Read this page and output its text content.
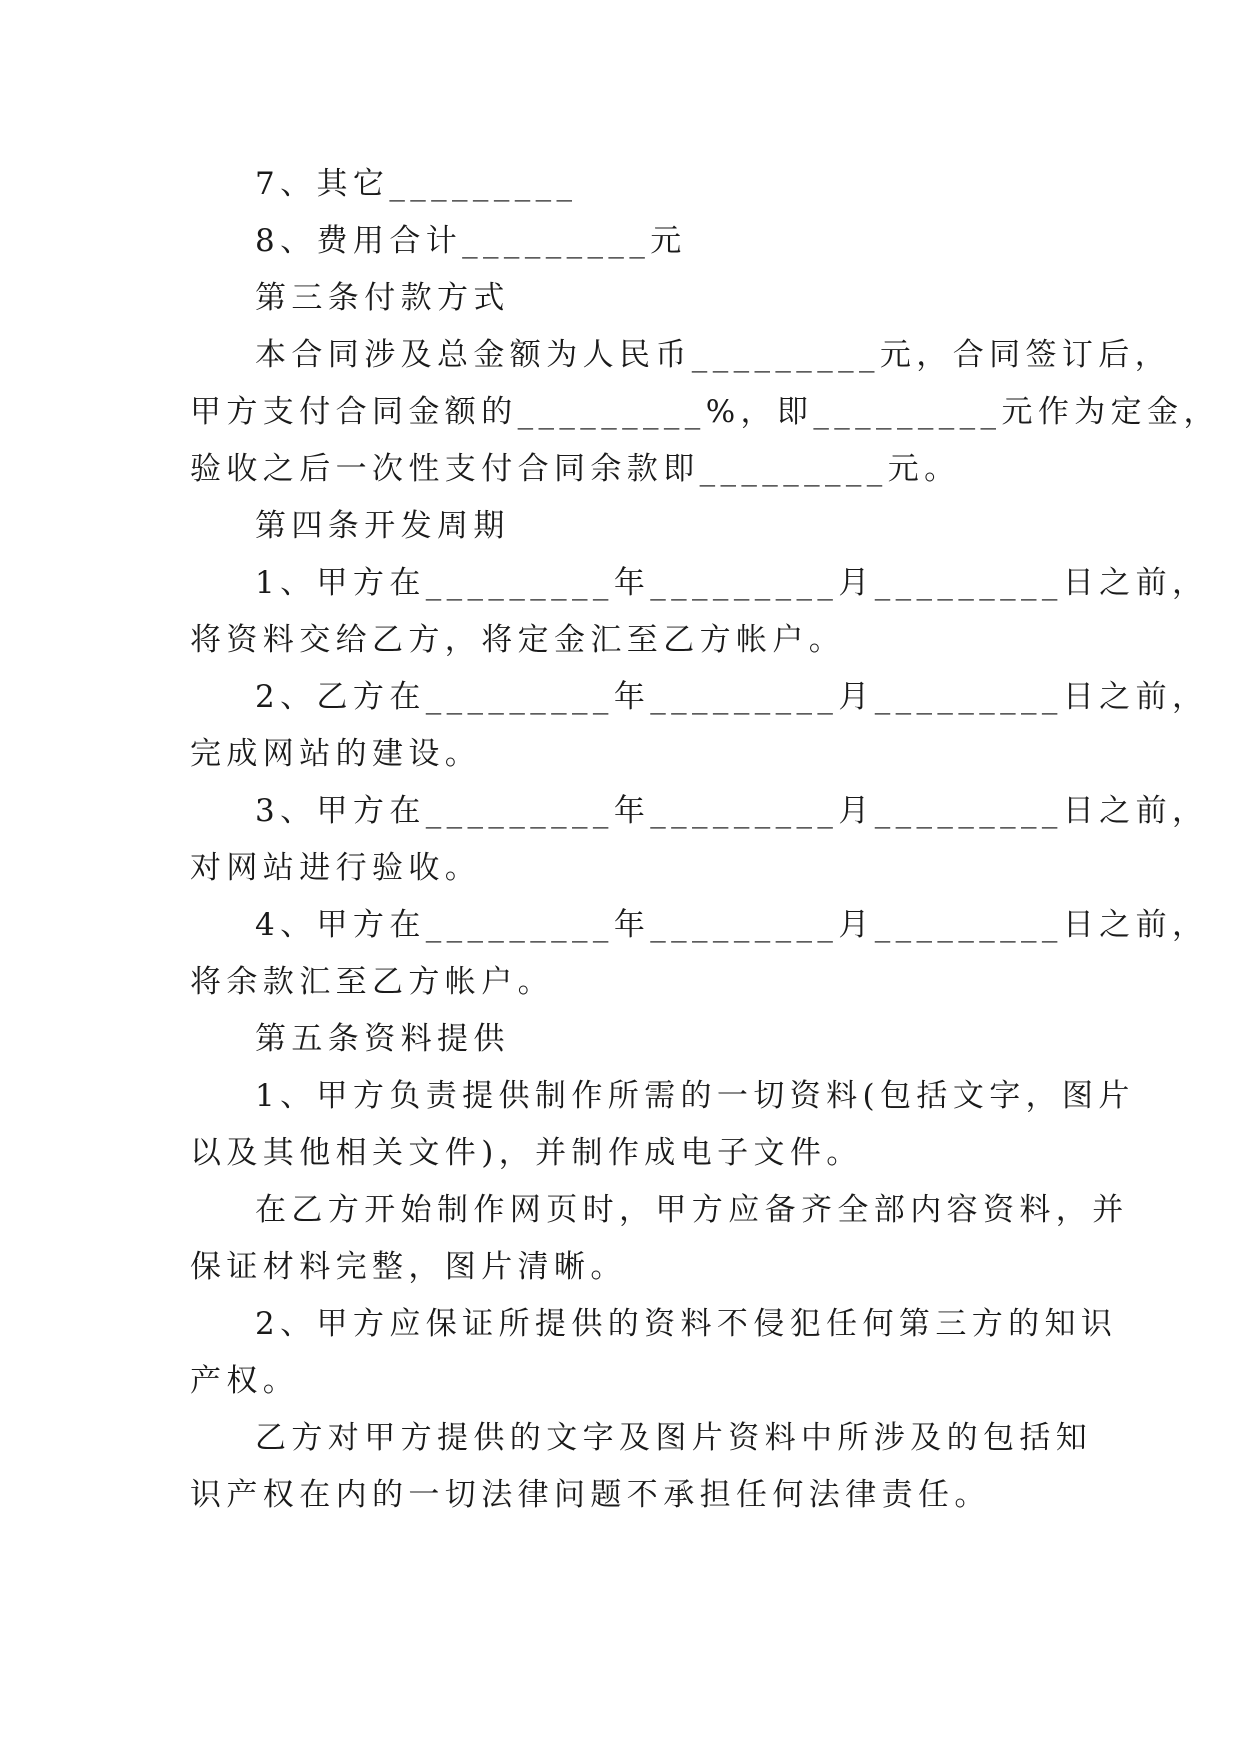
7、其它_________

8、费用合计_________元

第三条付款方式

本合同涉及总金额为人民币_________元，合同签订后，

甲方支付合同金额的_________%，即_________元作为定金，

验收之后一次性支付合同余款即_________元。

第四条开发周期

1、甲方在_________年_________月_________日之前，

将资料交给乙方，将定金汇至乙方帐户。

2、乙方在_________年_________月_________日之前，

完成网站的建设。

3、甲方在_________年_________月_________日之前，

对网站进行验收。

4、甲方在_________年_________月_________日之前，

将余款汇至乙方帐户。

第五条资料提供

1、甲方负责提供制作所需的一切资料(包括文字，图片

以及其他相关文件)，并制作成电子文件。

在乙方开始制作网页时，甲方应备齐全部内容资料，并

保证材料完整，图片清晰。

2、甲方应保证所提供的资料不侵犯任何第三方的知识

产权。

乙方对甲方提供的文字及图片资料中所涉及的包括知

识产权在内的一切法律问题不承担任何法律责任。
